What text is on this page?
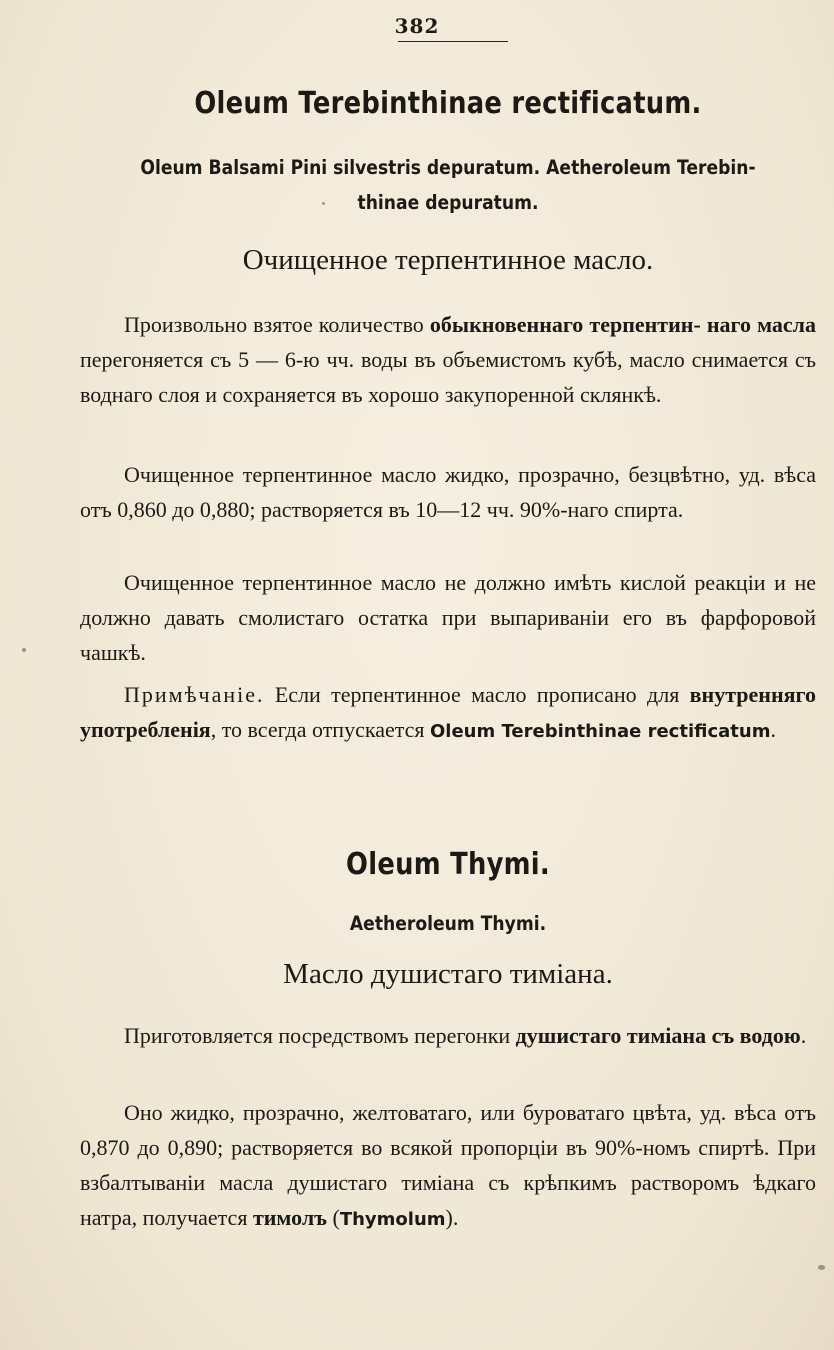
382
Oleum Terebinthinae rectificatum.
Oleum Balsami Pini silvestris depuratum. Aetheroleum Terebin-
thinae depuratum.
Очищенное терпентинное масло.
Произвольно взятое количество обыкновеннаго терпентин- наго масла перегоняется съ 5 — 6-ю чч. воды въ объемистомъ кубѣ, масло снимается съ воднаго слоя и сохраняется въ хорошо закупоренной склянкѣ.
Очищенное терпентинное масло жидко, прозрачно, безцвѣтно, уд. вѣса отъ 0,860 до 0,880; растворяется въ 10—12 чч. 90%-наго спирта.
Очищенное терпентинное масло не должно имѣть кислой реакціи и не должно давать смолистаго остатка при выпариваніи его въ фарфоровой чашкѣ.
Примѣчаніе. Если терпентинное масло прописано для внутренняго употребленія, то всегда отпускается Oleum Terebinthinae rectificatum.
Oleum Thymi.
Aetheroleum Thymi.
Масло душистаго тиміана.
Приготовляется посредствомъ перегонки душистаго тиміана съ водою.
Оно жидко, прозрачно, желтоватаго, или буроватаго цвѣта, уд. вѣса отъ 0,870 до 0,890; растворяется во всякой пропорціи въ 90%-номъ спиртѣ. При взбалтываніи масла душистаго тиміана съ крѣпкимъ растворомъ ѣдкаго натра, получается тимолъ (Thymolum).
